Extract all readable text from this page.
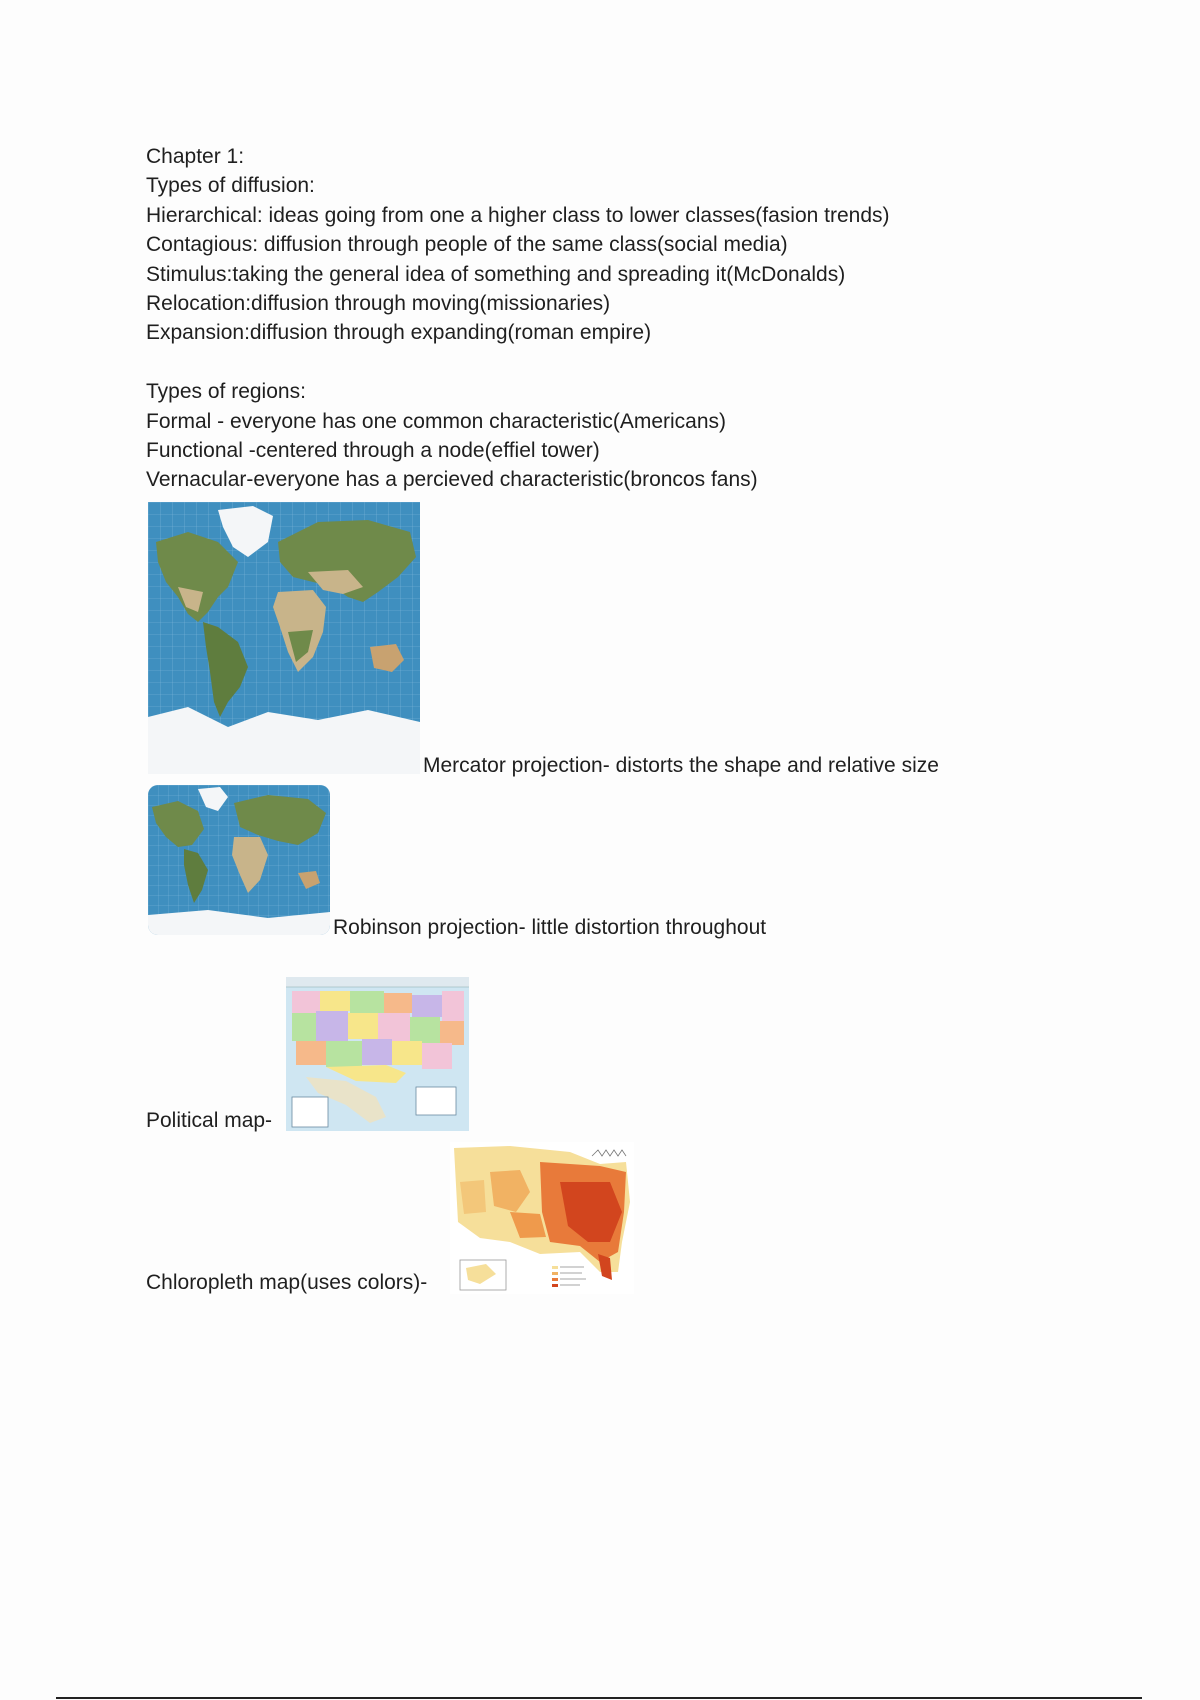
Chapter 1:
Types of diffusion:
Hierarchical: ideas going from one a higher class to lower classes(fasion trends)
Contagious: diffusion through people of the same class(social media)
Stimulus:taking the general idea of something and spreading it(McDonalds)
Relocation:diffusion through moving(missionaries)
Expansion:diffusion through expanding(roman empire)
Types of regions:
Formal - everyone has one common characteristic(Americans)
Functional -centered through a node(effiel tower)
Vernacular-everyone has a percieved characteristic(broncos fans)
Mercator projection- distorts the shape and relative size
Robinson projection- little distortion throughout
Political map-
Chloropleth map(uses colors)-
